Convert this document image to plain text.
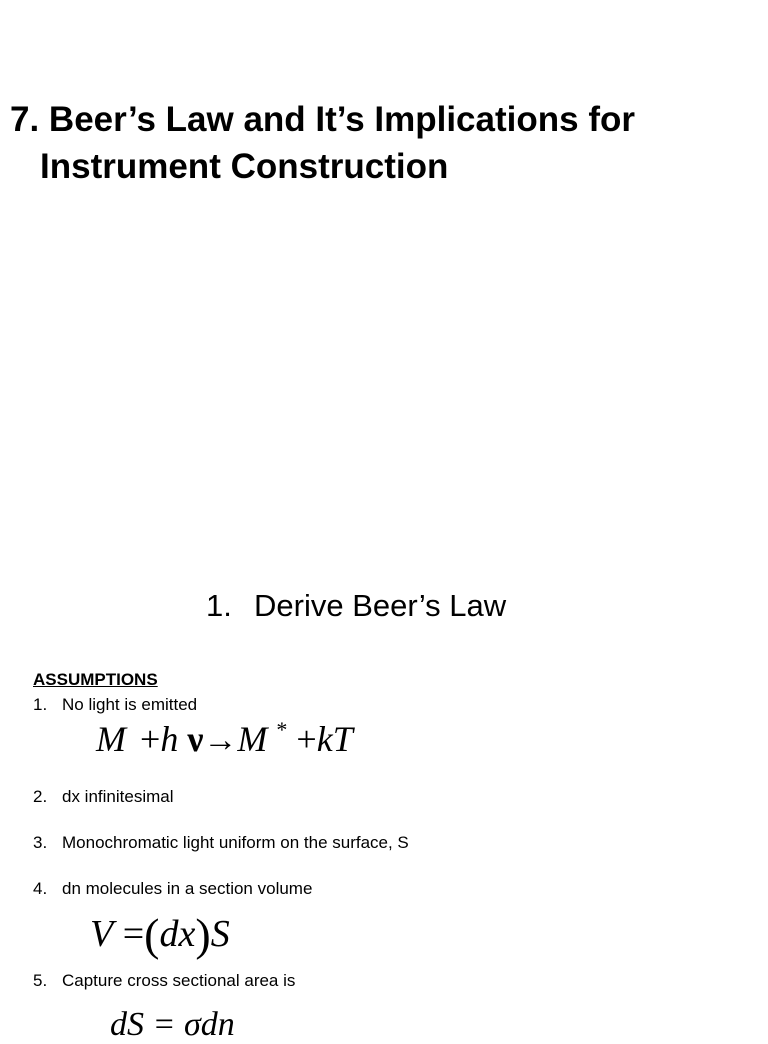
7. Beer’s Law and It’s Implications for
Instrument Construction
1. Derive Beer’s Law
ASSUMPTIONS
1. No light is emitted
M +h ν→M * +kT
2. dx infinitesimal
3. Monochromatic light uniform on the surface, S
4. dn molecules in a section volume
V =(dx)S
5. Capture cross sectional area is
dS = σdn
